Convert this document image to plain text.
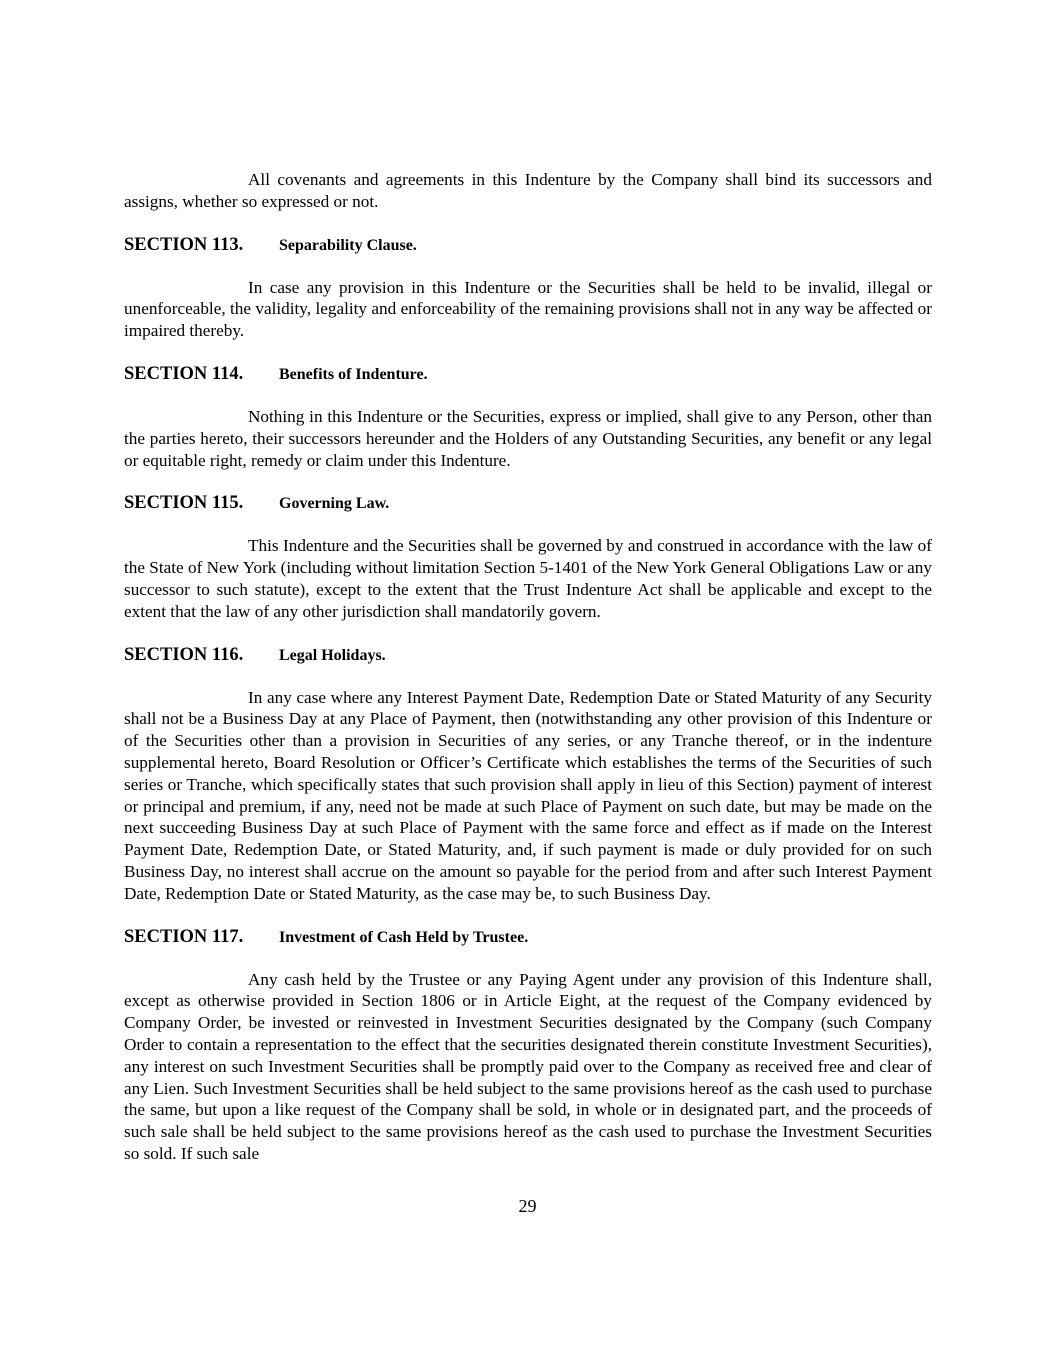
All covenants and agreements in this Indenture by the Company shall bind its successors and assigns, whether so expressed or not.

SECTION 113. Separability Clause.

In case any provision in this Indenture or the Securities shall be held to be invalid, illegal or unenforceable, the validity, legality and enforceability of the remaining provisions shall not in any way be affected or impaired thereby.

SECTION 114. Benefits of Indenture.

Nothing in this Indenture or the Securities, express or implied, shall give to any Person, other than the parties hereto, their successors hereunder and the Holders of any Outstanding Securities, any benefit or any legal or equitable right, remedy or claim under this Indenture.

SECTION 115. Governing Law.

This Indenture and the Securities shall be governed by and construed in accordance with the law of the State of New York (including without limitation Section 5-1401 of the New York General Obligations Law or any successor to such statute), except to the extent that the Trust Indenture Act shall be applicable and except to the extent that the law of any other jurisdiction shall mandatorily govern.

SECTION 116. Legal Holidays.

In any case where any Interest Payment Date, Redemption Date or Stated Maturity of any Security shall not be a Business Day at any Place of Payment, then (notwithstanding any other provision of this Indenture or of the Securities other than a provision in Securities of any series, or any Tranche thereof, or in the indenture supplemental hereto, Board Resolution or Officer’s Certificate which establishes the terms of the Securities of such series or Tranche, which specifically states that such provision shall apply in lieu of this Section) payment of interest or principal and premium, if any, need not be made at such Place of Payment on such date, but may be made on the next succeeding Business Day at such Place of Payment with the same force and effect as if made on the Interest Payment Date, Redemption Date, or Stated Maturity, and, if such payment is made or duly provided for on such Business Day, no interest shall accrue on the amount so payable for the period from and after such Interest Payment Date, Redemption Date or Stated Maturity, as the case may be, to such Business Day.

SECTION 117. Investment of Cash Held by Trustee.

Any cash held by the Trustee or any Paying Agent under any provision of this Indenture shall, except as otherwise provided in Section 1806 or in Article Eight, at the request of the Company evidenced by Company Order, be invested or reinvested in Investment Securities designated by the Company (such Company Order to contain a representation to the effect that the securities designated therein constitute Investment Securities), any interest on such Investment Securities shall be promptly paid over to the Company as received free and clear of any Lien. Such Investment Securities shall be held subject to the same provisions hereof as the cash used to purchase the same, but upon a like request of the Company shall be sold, in whole or in designated part, and the proceeds of such sale shall be held subject to the same provisions hereof as the cash used to purchase the Investment Securities so sold. If such sale

29
